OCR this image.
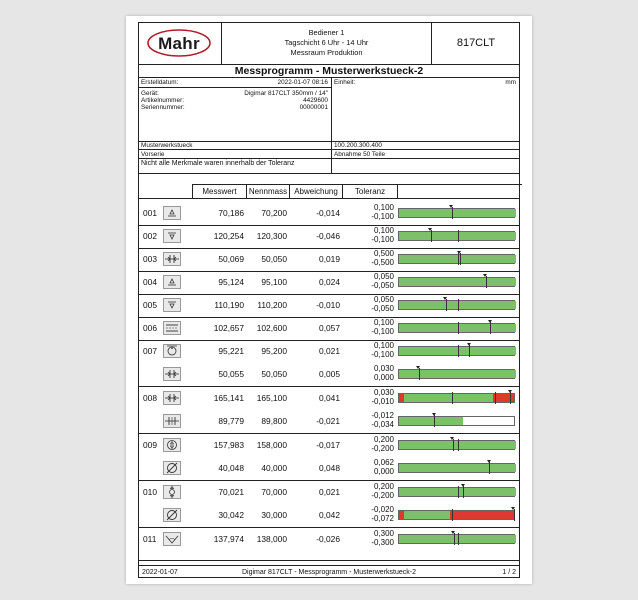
Mahr
Bediener 1
Tagschicht 6 Uhr - 14 Uhr
Messraum Produktion
817CLT
Messprogramm - Musterwerkstueck-2
Erstelldatum:	2022-01-07 08:16 Einheit:	mm
Gerät:	Digimar 817CLT 350mm / 14"
Artikelnummer:	4429600
Seriennummer:	00000001
Musterwerkstueck	100.200.300.400
Vorserie	Abnahme 50 Teile
Nicht alle Merkmale waren innerhalb der Toleranz
Messwert	Nennmass Abweichung	Toleranz
001	70,186	70,200	-0,014
0,100
-0,100
002	120,254	120,300	-0,046
0,100
-0,100
003	50,069	50,050	0,019
0,500
-0,500
004	95,124	95,100	0,024
0,050
-0,050
005	110,190	110,200	-0,010
0,050
-0,050
006	102,657	102,600	0,057
0,100
-0,100
007	95,221	95,200	0,021
0,100
-0,100
50,055	50,050	0,005
0,030
0,000
008	165,141	165,100	0,041
0,030
-0,010
89,779	89,800	-0,021
-0,012
-0,034
009	157,983	158,000	-0,017
0,200
-0,200
40,048	40,000	0,048
0,062
0,000
010	70,021	70,000	0,021
0,200
-0,200
30,042	30,000	0,042
-0,020
-0,072
011	137,974	138,000	-0,026
0,300
-0,300
2022-01-07	Digimar 817CLT - Messprogramm - Musterwerkstueck-2	1 / 2
